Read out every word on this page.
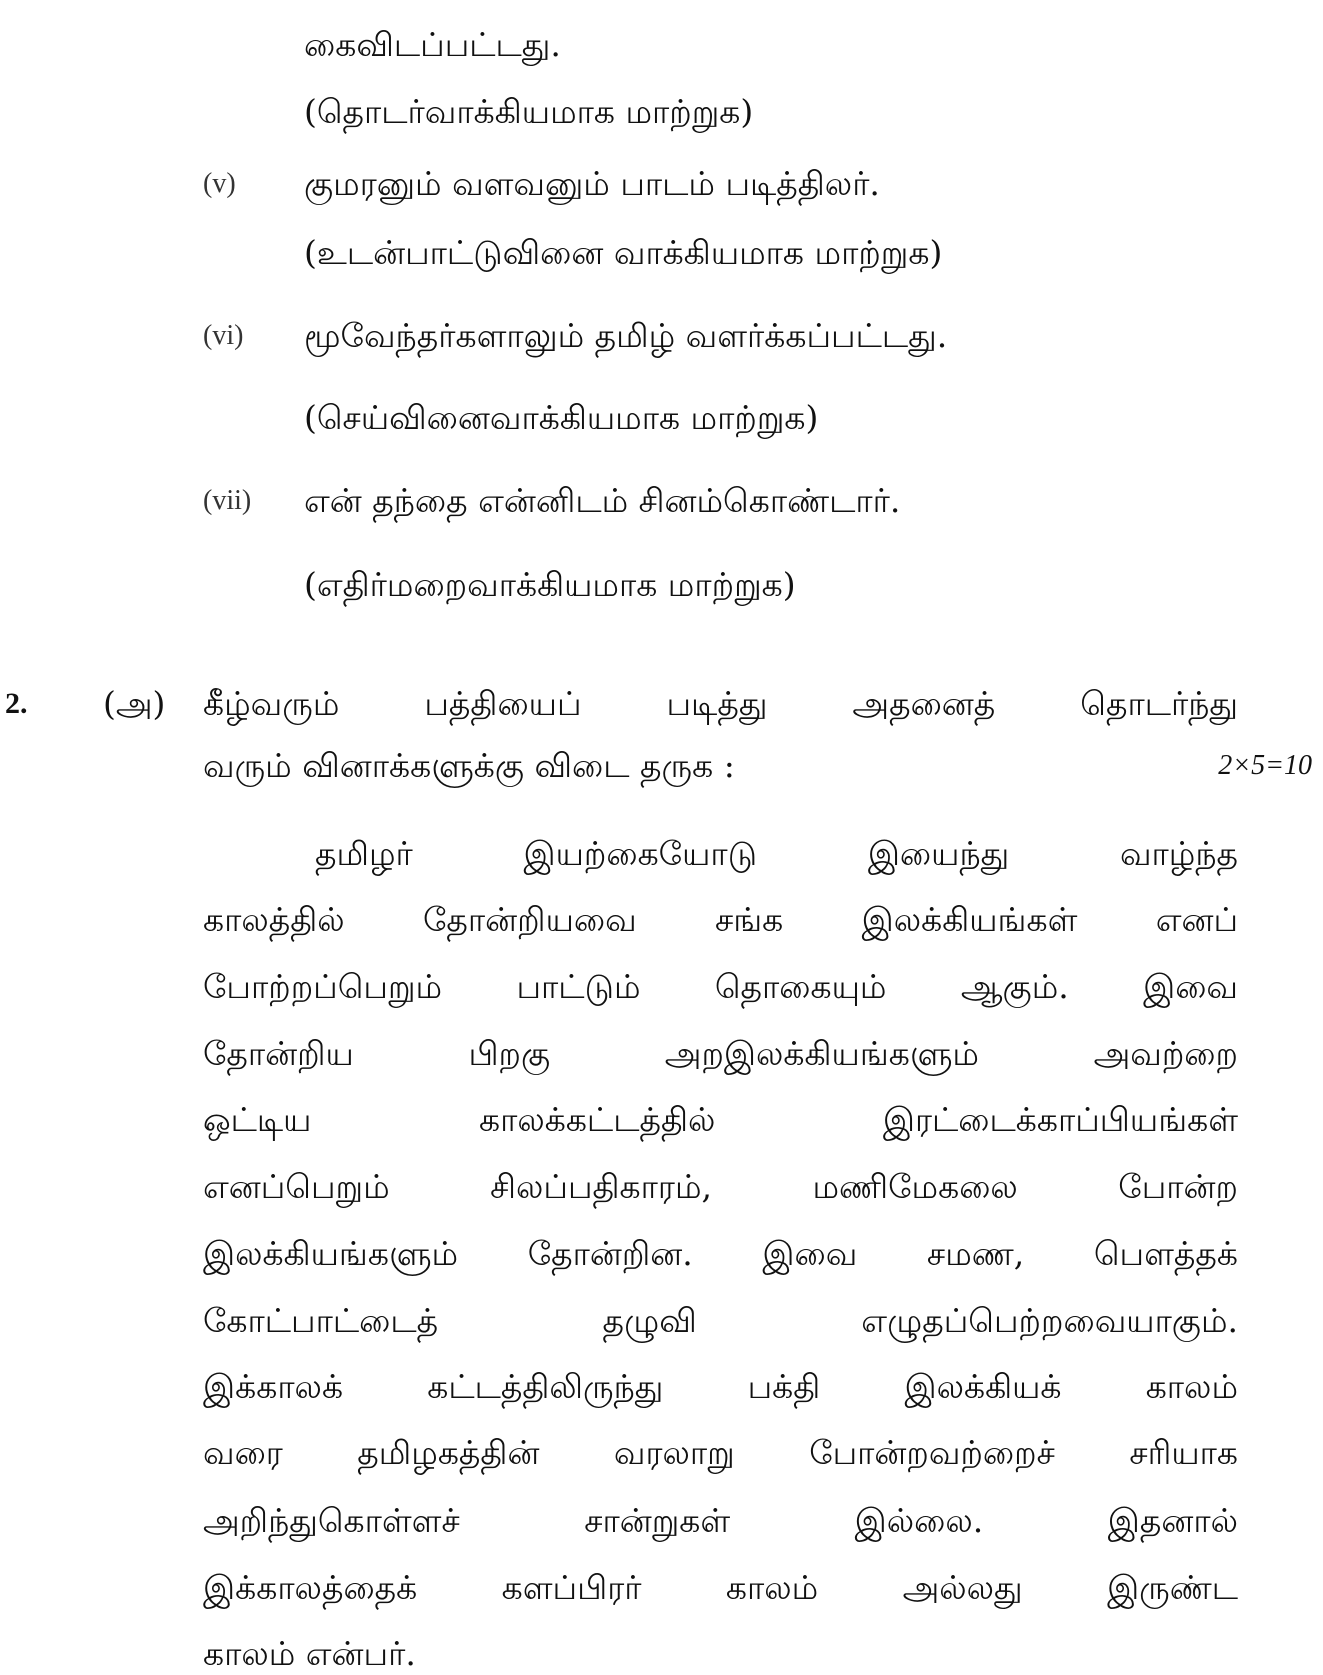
கைவிடப்பட்டது.
(தொடர்வாக்கியமாக மாற்றுக)
(v) குமரனும் வளவனும் பாடம் படித்திலர்.
(உடன்பாட்டுவினை வாக்கியமாக மாற்றுக)
(vi) மூவேந்தர்களாலும் தமிழ் வளர்க்கப்பட்டது.
(செய்வினைவாக்கியமாக மாற்றுக)
(vii) என் தந்தை என்னிடம் சினம்கொண்டார்.
(எதிர்மறைவாக்கியமாக மாற்றுக)
2. (அ) கீழ்வரும் பத்தியைப் படித்து அதனைத் தொடர்ந்து
வரும் வினாக்களுக்கு விடை தருக :	2×5=10
தமிழர் இயற்கையோடு இயைந்து வாழ்ந்த
காலத்தில் தோன்றியவை சங்க இலக்கியங்கள் எனப்
போற்றப்பெறும் பாட்டும் தொகையும் ஆகும். இவை
தோன்றிய பிறகு அறஇலக்கியங்களும் அவற்றை
ஒட்டிய காலக்கட்டத்தில் இரட்டைக்காப்பியங்கள்
எனப்பெறும் சிலப்பதிகாரம், மணிமேகலை போன்ற
இலக்கியங்களும் தோன்றின. இவை சமண, பௌத்தக்
கோட்பாட்டைத் தழுவி எழுதப்பெற்றவையாகும்.
இக்காலக் கட்டத்திலிருந்து பக்தி இலக்கியக் காலம்
வரை தமிழகத்தின் வரலாறு போன்றவற்றைச் சரியாக
அறிந்துகொள்ளச் சான்றுகள் இல்லை. இதனால்
இக்காலத்தைக் களப்பிரர் காலம் அல்லது இருண்ட
காலம் என்பர்.
